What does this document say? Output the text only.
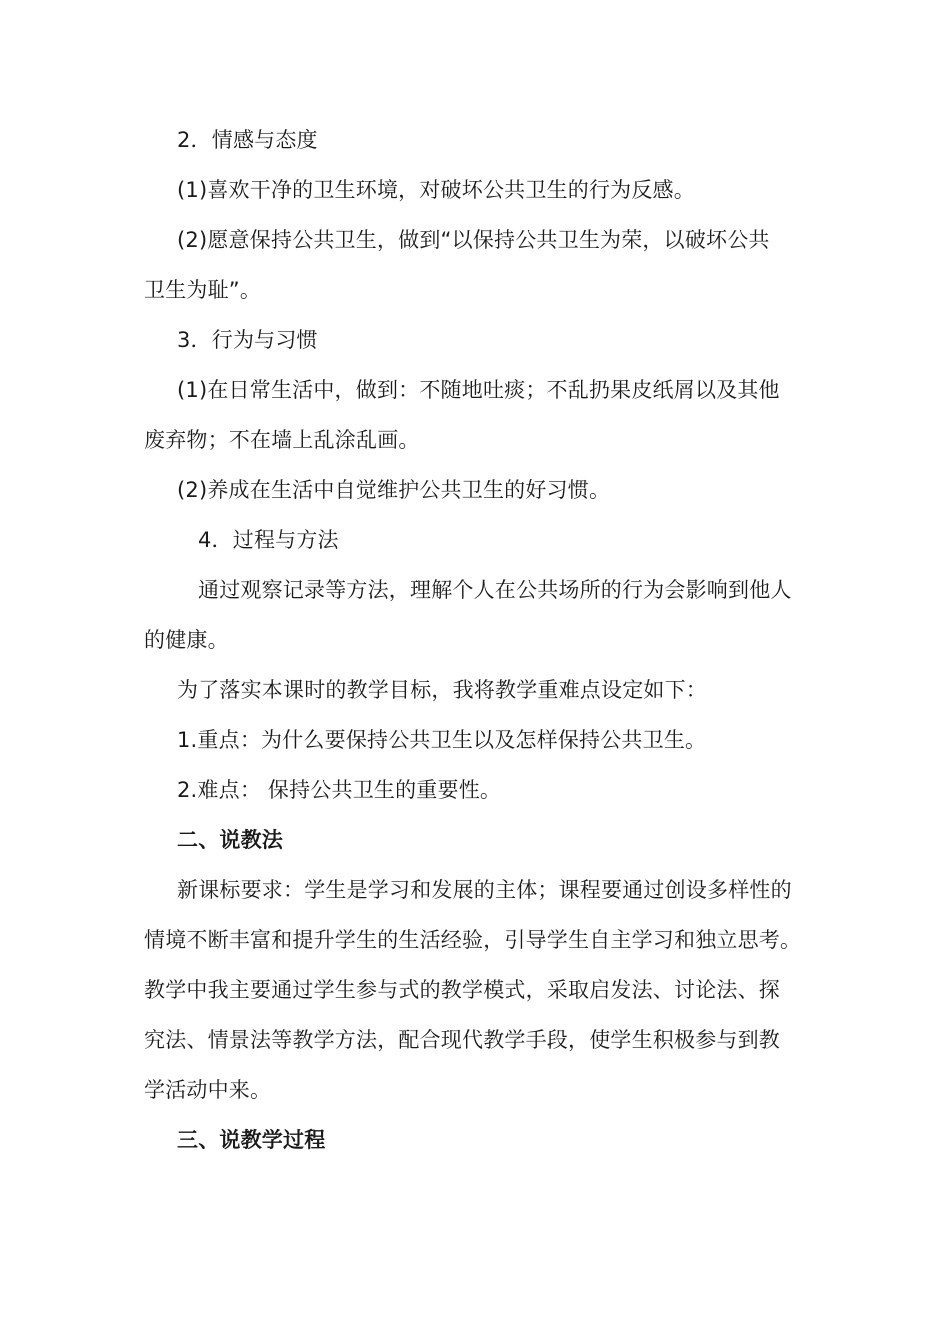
2．情感与态度
(1)喜欢干净的卫生环境，对破坏公共卫生的行为反感。
(2)愿意保持公共卫生，做到“以保持公共卫生为荣，以破坏公共
卫生为耻”。
3．行为与习惯
(1)在日常生活中，做到：不随地吐痰；不乱扔果皮纸屑以及其他
废弃物；不在墙上乱涂乱画。
(2)养成在生活中自觉维护公共卫生的好习惯。
4．过程与方法
通过观察记录等方法，理解个人在公共场所的行为会影响到他人
的健康。
为了落实本课时的教学目标，我将教学重难点设定如下：
1.重点：为什么要保持公共卫生以及怎样保持公共卫生。
2.难点： 保持公共卫生的重要性。
二、说教法
新课标要求：学生是学习和发展的主体；课程要通过创设多样性的
情境不断丰富和提升学生的生活经验，引导学生自主学习和独立思考。
教学中我主要通过学生参与式的教学模式，采取启发法、讨论法、探
究法、情景法等教学方法，配合现代教学手段，使学生积极参与到教
学活动中来。
三、说教学过程
